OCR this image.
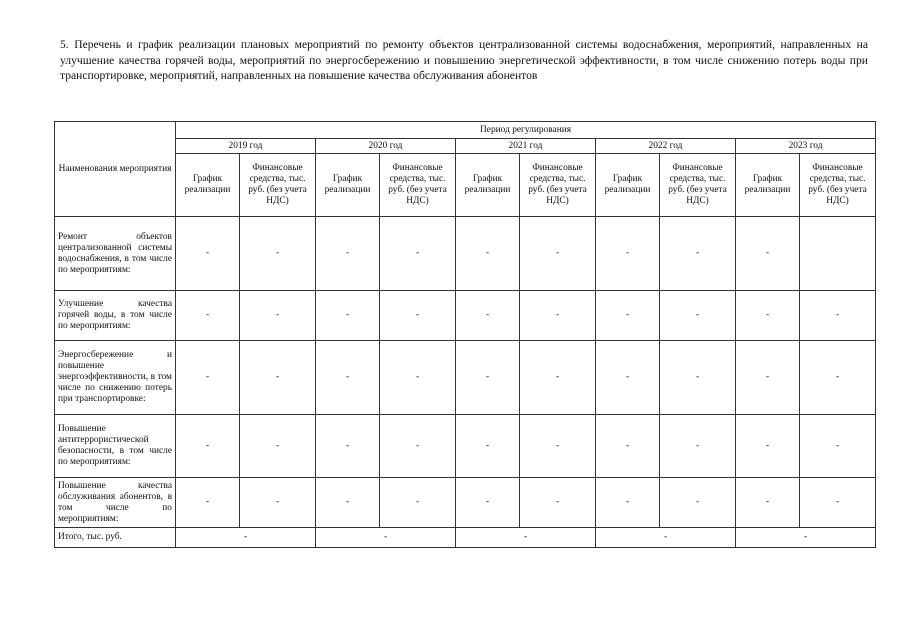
5. Перечень и график реализации плановых мероприятий по ремонту объектов централизованной системы водоснабжения, мероприятий, направленных на улучшение качества горячей воды, мероприятий по энергосбережению и повышению энергетической эффективности, в том числе снижению потерь воды при транспортировке, мероприятий, направленных на повышение качества обслуживания абонентов
Наименования мероприятия	Период регулирования									
	2019 год		2020 год		2021 год		2022 год		2023 год	
	График реализации	Финансовые средства, тыс. руб. (без учета НДС)	График реализации	Финансовые средства, тыс. руб. (без учета НДС)	График реализации	Финансовые средства, тыс. руб. (без учета НДС)	График реализации	Финансовые средства, тыс. руб. (без учета НДС)	График реализации	Финансовые средства, тыс. руб. (без учета НДС)
Ремонт объектов централизованной системы водоснабжения, в том числе по мероприятиям:	-	-	-	-	-	-	-	-	-	
Улучшение качества горячей воды, в том числе по мероприятиям:	-	-	-	-	-	-	-	-	-	-
Энергосбережение и повышение энергоэффективности, в том числе по снижению потерь при транспортировке:	-	-	-	-	-	-	-	-	-	-
Повышение антитеррористической безопасности, в том числе по мероприятиям:	-	-	-	-	-	-	-	-	-	-
Повышение качества обслуживания абонентов, в том числе по мероприятиям:	-	-	-	-	-	-	-	-	-	-
Итого, тыс. руб.	-		-		-		-		-	
